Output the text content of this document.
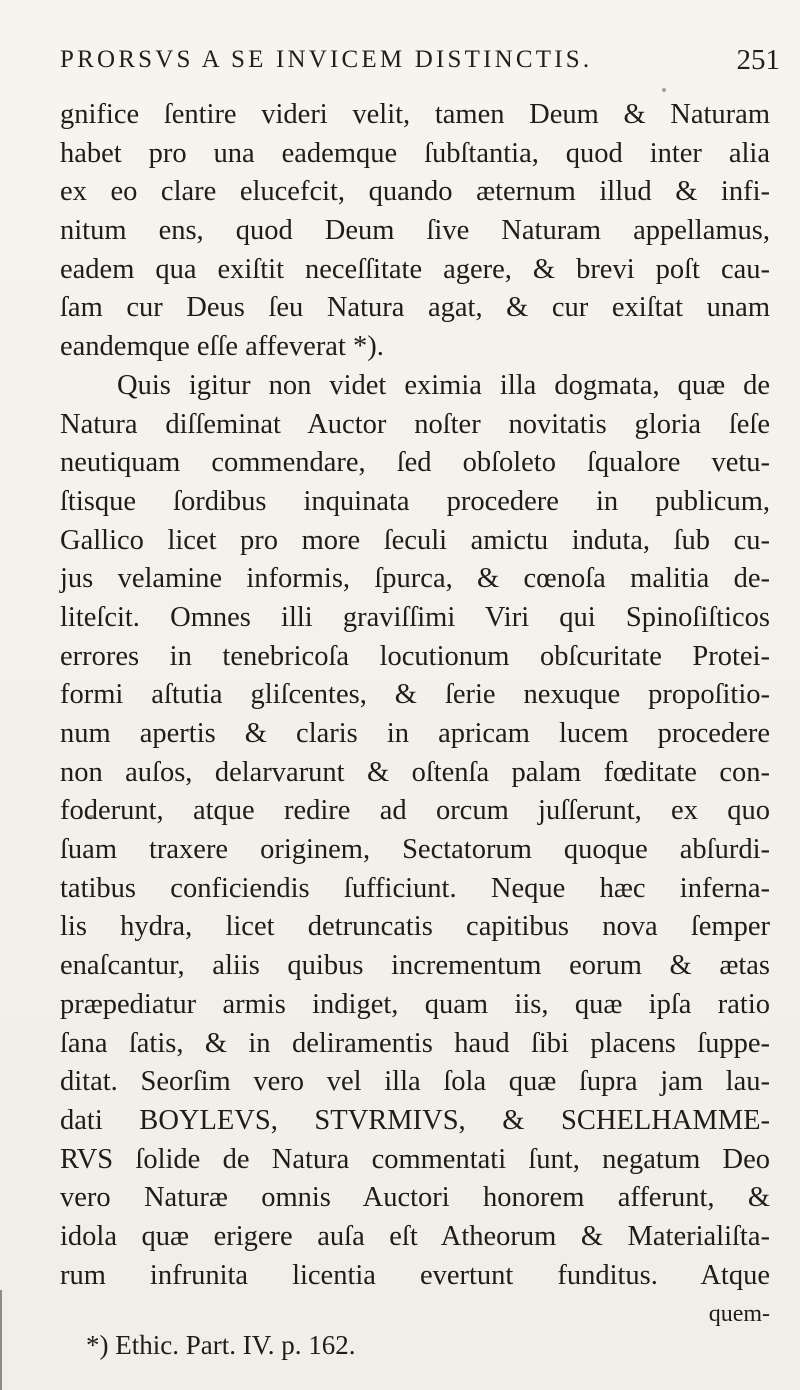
PRORSVS A SE INVICEM DISTINCTIS.	251
gnifice ſentire videri velit, tamen Deum & Naturam
habet pro una eademque ſubſtantia, quod inter alia
ex eo clare elucefcit, quando æternum illud & infi-
nitum ens, quod Deum ſive Naturam appellamus,
eadem qua exiſtit neceſſitate agere, & brevi poſt cau-
ſam cur Deus ſeu Natura agat, & cur exiſtat unam
eandemque eſſe affeverat *).
Quis igitur non videt eximia illa dogmata, quæ de
Natura diſſeminat Auctor noſter novitatis gloria ſeſe
neutiquam commendare, ſed obſoleto ſqualore vetu-
ſtisque ſordibus inquinata procedere in publicum,
Gallico licet pro more ſeculi amictu induta, ſub cu-
jus velamine informis, ſpurca, & cœnoſa malitia de-
liteſcit. Omnes illi graviſſimi Viri qui Spinoſiſticos
errores in tenebricoſa locutionum obſcuritate Protei-
formi aſtutia gliſcentes, & ſerie nexuque propoſitio-
num apertis & claris in apricam lucem procedere
non auſos, delarvarunt & oſtenſa palam fœditate con-
foderunt, atque redire ad orcum juſſerunt, ex quo
ſuam traxere originem, Sectatorum quoque abſurdi-
tatibus conficiendis ſufficiunt. Neque hæc inferna-
lis hydra, licet detruncatis capitibus nova ſemper
enaſcantur, aliis quibus incrementum eorum & ætas
præpediatur armis indiget, quam iis, quæ ipſa ratio
ſana ſatis, & in deliramentis haud ſibi placens ſuppe-
ditat. Seorſim vero vel illa ſola quæ ſupra jam lau-
dati BOYLEVS, STVRMIVS, & SCHELHAMME-
RVS ſolide de Natura commentati ſunt, negatum Deo
vero Naturæ omnis Auctori honorem afferunt, &
idola quæ erigere auſa eſt Atheorum & Materialiſta-
rum infrunita licentia evertunt funditus. Atque
quem-
*) Ethic. Part. IV. p. 162.
